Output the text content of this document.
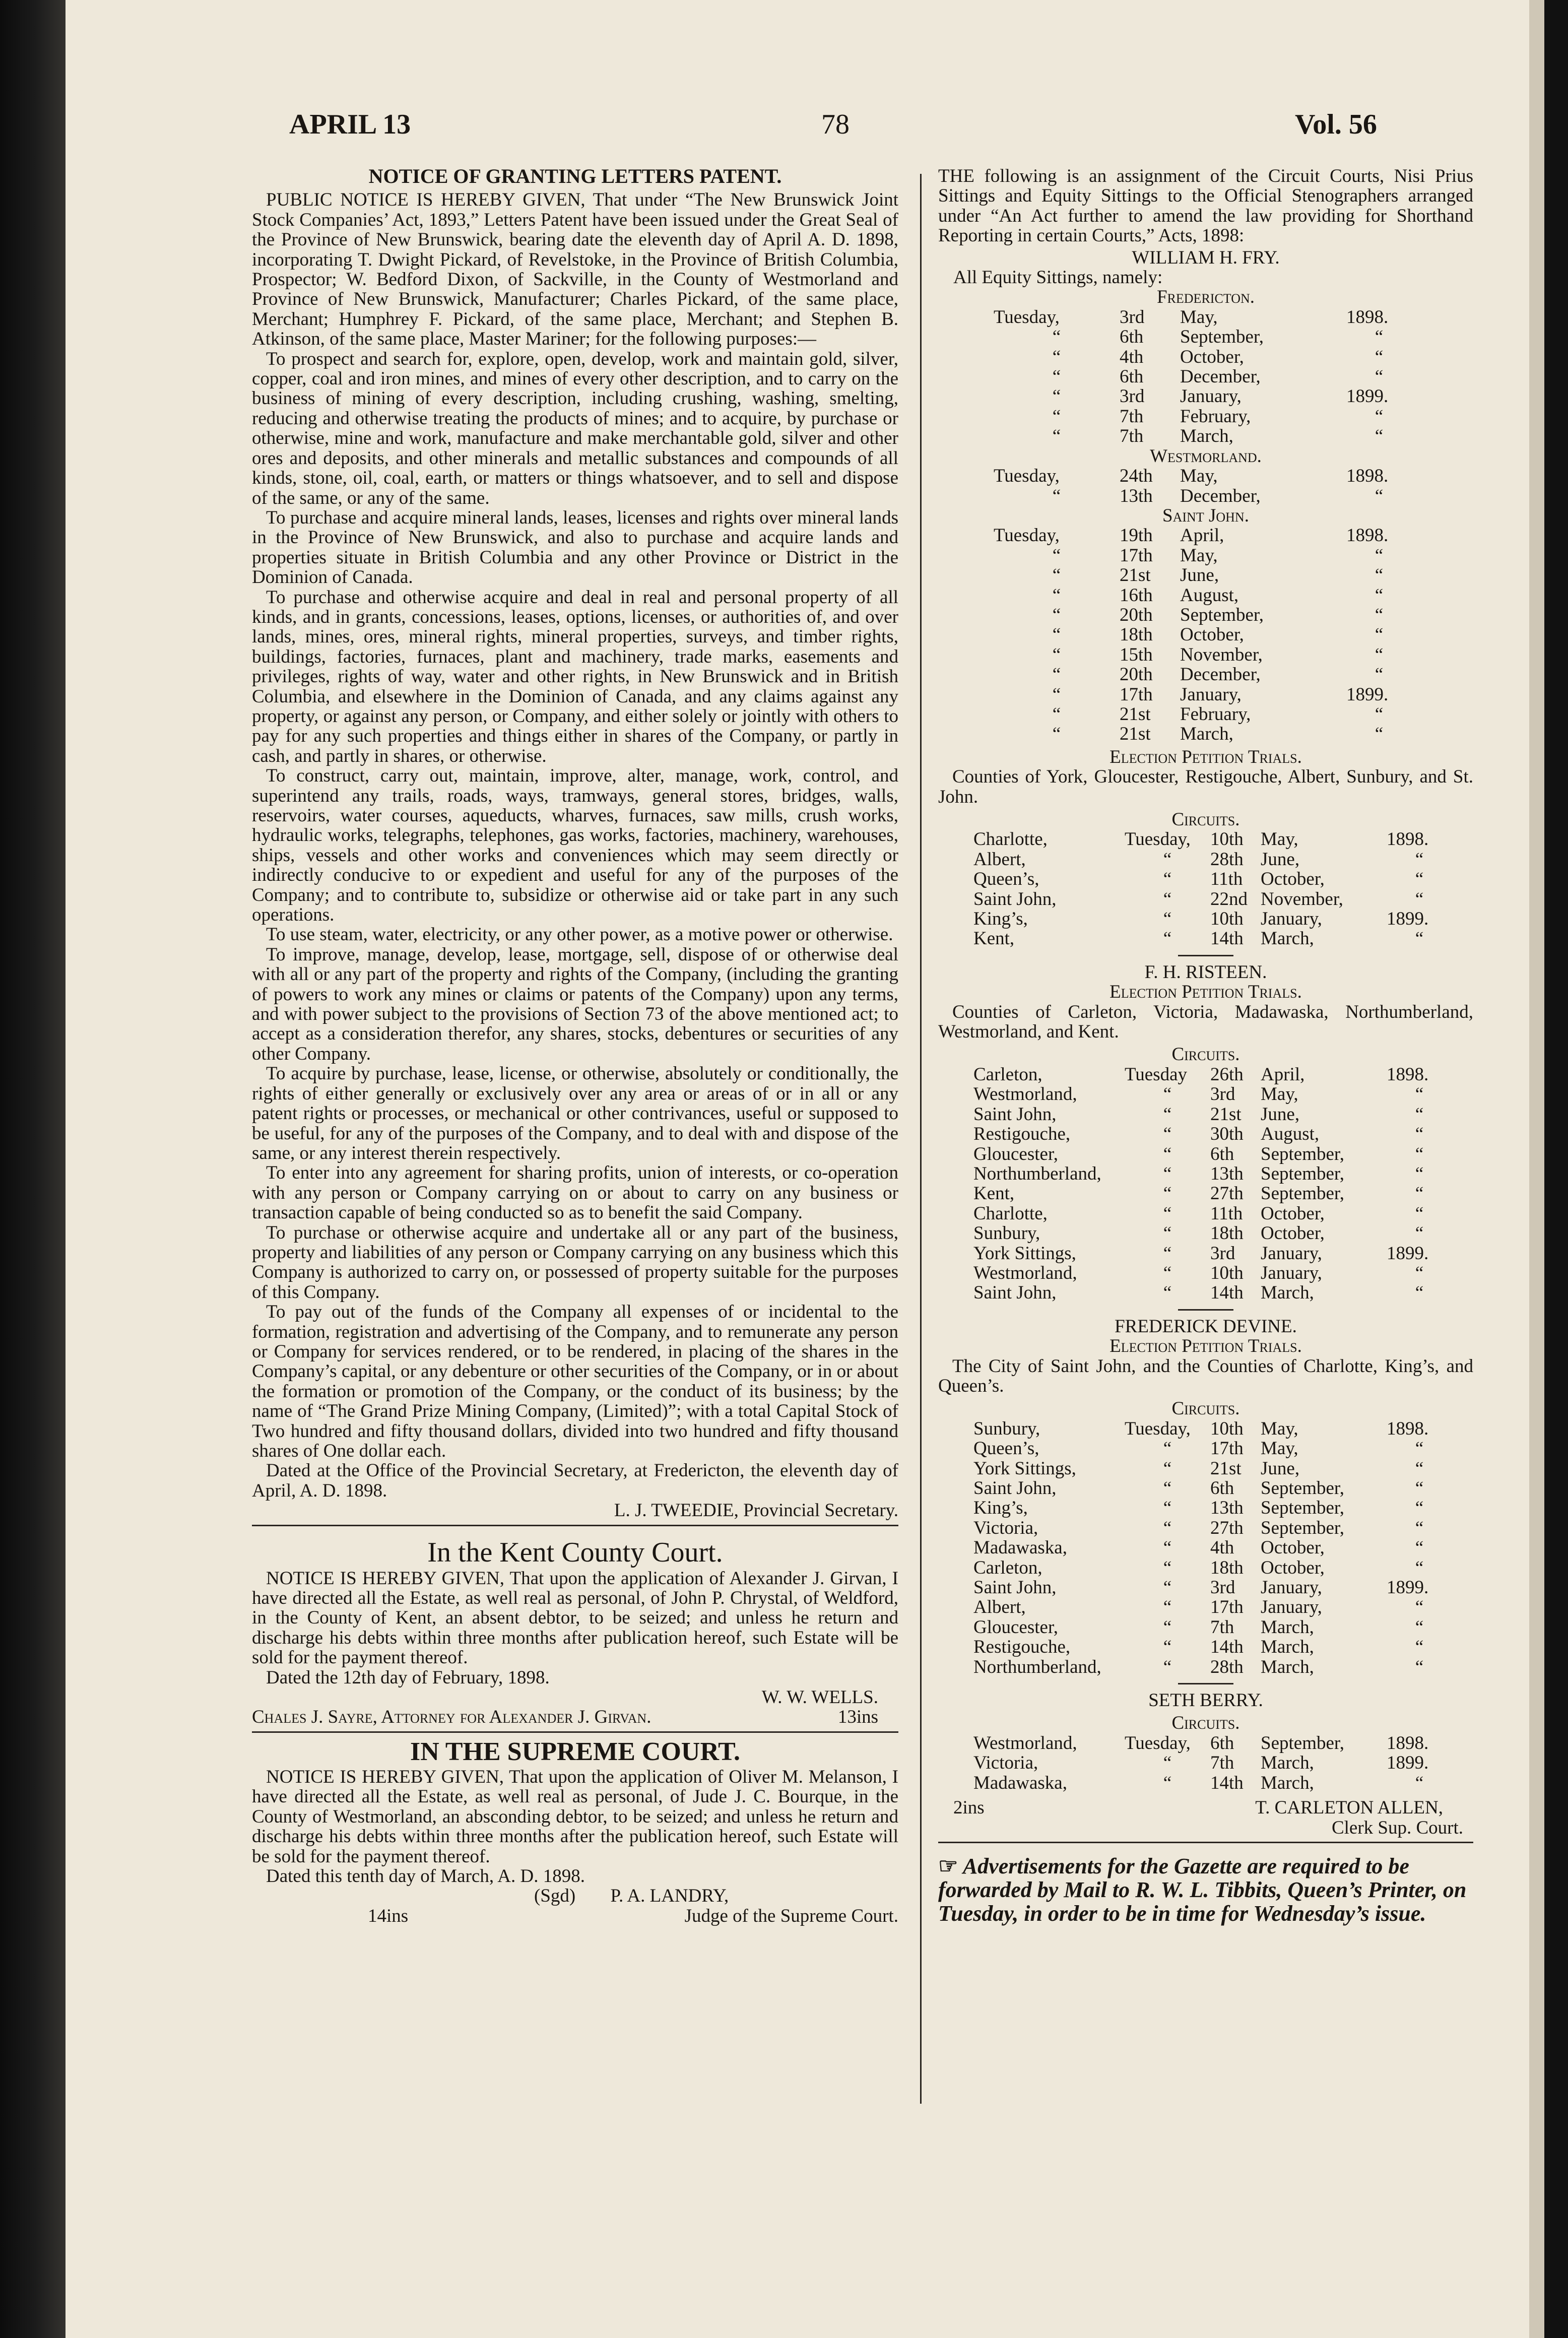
APRIL 13	78	Vol. 56
NOTICE OF GRANTING LETTERS PATENT.

PUBLIC NOTICE IS HEREBY GIVEN, That under “The New Brunswick Joint Stock Companies’ Act, 1893,” Letters Patent have been issued under the Great Seal of the Province of New Brunswick, bearing date the eleventh day of April A. D. 1898, incorporating T. Dwight Pickard, of Revelstoke, in the Province of British Columbia, Prospector; W. Bedford Dixon, of Sackville, in the County of Westmorland and Province of New Brunswick, Manufacturer; Charles Pickard, of the same place, Merchant; Humphrey F. Pickard, of the same place, Merchant; and Stephen B. Atkinson, of the same place, Master Mariner; for the following purposes:—

To prospect and search for, explore, open, develop, work and maintain gold, silver, copper, coal and iron mines, and mines of every other description, and to carry on the business of mining of every description, including crushing, washing, smelting, reducing and otherwise treating the products of mines; and to acquire, by purchase or otherwise, mine and work, manufacture and make merchantable gold, silver and other ores and deposits, and other minerals and metallic substances and compounds of all kinds, stone, oil, coal, earth, or matters or things whatsoever, and to sell and dispose of the same, or any of the same.

To purchase and acquire mineral lands, leases, licenses and rights over mineral lands in the Province of New Brunswick, and also to purchase and acquire lands and properties situate in British Columbia and any other Province or District in the Dominion of Canada.

To purchase and otherwise acquire and deal in real and personal property of all kinds, and in grants, concessions, leases, options, licenses, or authorities of, and over lands, mines, ores, mineral rights, mineral properties, surveys, and timber rights, buildings, factories, furnaces, plant and machinery, trade marks, easements and privileges, rights of way, water and other rights, in New Brunswick and in British Columbia, and elsewhere in the Dominion of Canada, and any claims against any property, or against any person, or Company, and either solely or jointly with others to pay for any such properties and things either in shares of the Company, or partly in cash, and partly in shares, or otherwise.

To construct, carry out, maintain, improve, alter, manage, work, control, and superintend any trails, roads, ways, tramways, general stores, bridges, walls, reservoirs, water courses, aqueducts, wharves, furnaces, saw mills, crush works, hydraulic works, telegraphs, telephones, gas works, factories, machinery, warehouses, ships, vessels and other works and conveniences which may seem directly or indirectly conducive to or expedient and useful for any of the purposes of the Company; and to contribute to, subsidize or otherwise aid or take part in any such operations.

To use steam, water, electricity, or any other power, as a motive power or otherwise.

To improve, manage, develop, lease, mortgage, sell, dispose of or otherwise deal with all or any part of the property and rights of the Company, (including the granting of powers to work any mines or claims or patents of the Company) upon any terms, and with power subject to the provisions of Section 73 of the above mentioned act; to accept as a consideration therefor, any shares, stocks, debentures or securities of any other Company.

To acquire by purchase, lease, license, or otherwise, absolutely or conditionally, the rights of either generally or exclusively over any area or areas of or in all or any patent rights or processes, or mechanical or other contrivances, useful or supposed to be useful, for any of the purposes of the Company, and to deal with and dispose of the same, or any interest therein respectively.

To enter into any agreement for sharing profits, union of interests, or co-operation with any person or Company carrying on or about to carry on any business or transaction capable of being conducted so as to benefit the said Company.

To purchase or otherwise acquire and undertake all or any part of the business, property and liabilities of any person or Company carrying on any business which this Company is authorized to carry on, or possessed of property suitable for the purposes of this Company.

To pay out of the funds of the Company all expenses of or incidental to the formation, registration and advertising of the Company, and to remunerate any person or Company for services rendered, or to be rendered, in placing of the shares in the Company’s capital, or any debenture or other securities of the Company, or in or about the formation or promotion of the Company, or the conduct of its business; by the name of “The Grand Prize Mining Company, (Limited)”; with a total Capital Stock of Two hundred and fifty thousand dollars, divided into two hundred and fifty thousand shares of One dollar each.

Dated at the Office of the Provincial Secretary, at Fredericton, the eleventh day of April, A. D. 1898.

L. J. TWEEDIE, Provincial Secretary.
In the Kent County Court.

NOTICE IS HEREBY GIVEN, That upon the application of Alexander J. Girvan, I have directed all the Estate, as well real as personal, of John P. Chrystal, of Weldford, in the County of Kent, an absent debtor, to be seized; and unless he return and discharge his debts within three months after publication hereof, such Estate will be sold for the payment thereof.

Dated the 12th day of February, 1898.

W. W. WELLS.
Chales J. Sayre, Attorney for Alexander J. Girvan.	13ins
IN THE SUPREME COURT.

NOTICE IS HEREBY GIVEN, That upon the application of Oliver M. Melanson, I have directed all the Estate, as well real as personal, of Jude J. C. Bourque, in the County of Westmorland, an absconding debtor, to be seized; and unless he return and discharge his debts within three months after the publication hereof, such Estate will be sold for the payment thereof.

Dated this tenth day of March, A. D. 1898.

(Sgd) P. A. LANDRY,
14ins	Judge of the Supreme Court.

THE following is an assignment of the Circuit Courts, Nisi Prius Sittings and Equity Sittings to the Official Stenographers arranged under “An Act further to amend the law providing for Shorthand Reporting in certain Courts,” Acts, 1898:

WILLIAM H. FRY.
All Equity Sittings, namely:
Fredericton.
Tuesday,	3rd	May,	1898.
“	6th	September,	“
“	4th	October,	“
“	6th	December,	“
“	3rd	January,	1899.
“	7th	February,	“
“	7th	March,	“
Westmorland.
Tuesday,	24th	May,	1898.
“	13th	December,	“
Saint John.
Tuesday,	19th	April,	1898.
“	17th	May,	“
“	21st	June,	“
“	16th	August,	“
“	20th	September,	“
“	18th	October,	“
“	15th	November,	“
“	20th	December,	“
“	17th	January,	1899.
“	21st	February,	“
“	21st	March,	“
Election Petition Trials.

Counties of York, Gloucester, Restigouche, Albert, Sunbury, and St. John.

Circuits.
Charlotte,	Tuesday,	10th	May,	1898.
Albert,	“	28th	June,	“
Queen’s,	“	11th	October,	“
Saint John,	“	22nd	November,	“
King’s,	“	10th	January,	1899.
Kent,	“	14th	March,	“
F. H. RISTEEN.
Election Petition Trials.

Counties of Carleton, Victoria, Madawaska, Northumberland, Westmorland, and Kent.

Circuits.
Carleton,	Tuesday	26th	April,	1898.
Westmorland,	“	3rd	May,	“
Saint John,	“	21st	June,	“
Restigouche,	“	30th	August,	“
Gloucester,	“	6th	September,	“
Northumberland,	“	13th	September,	“
Kent,	“	27th	September,	“
Charlotte,	“	11th	October,	“
Sunbury,	“	18th	October,	“
York Sittings,	“	3rd	January,	1899.
Westmorland,	“	10th	January,	“
Saint John,	“	14th	March,	“
FREDERICK DEVINE.
Election Petition Trials.

The City of Saint John, and the Counties of Charlotte, King’s, and Queen’s.

Circuits.
Sunbury,	Tuesday,	10th	May,	1898.
Queen’s,	“	17th	May,	“
York Sittings,	“	21st	June,	“
Saint John,	“	6th	September,	“
King’s,	“	13th	September,	“
Victoria,	“	27th	September,	“
Madawaska,	“	4th	October,	“
Carleton,	“	18th	October,	“
Saint John,	“	3rd	January,	1899.
Albert,	“	17th	January,	“
Gloucester,	“	7th	March,	“
Restigouche,	“	14th	March,	“
Northumberland,	“	28th	March,	“
SETH BERRY.
Circuits.
Westmorland,	Tuesday,	6th	September,	1898.
Victoria,	“	7th	March,	1899.
Madawaska,	“	14th	March,	“
2ins	T. CARLETON ALLEN,
Clerk Sup. Court.
☞ Advertisements for the Gazette are required to be forwarded by Mail to R. W. L. Tibbits, Queen’s Printer, on Tuesday, in order to be in time for Wednesday’s issue.
